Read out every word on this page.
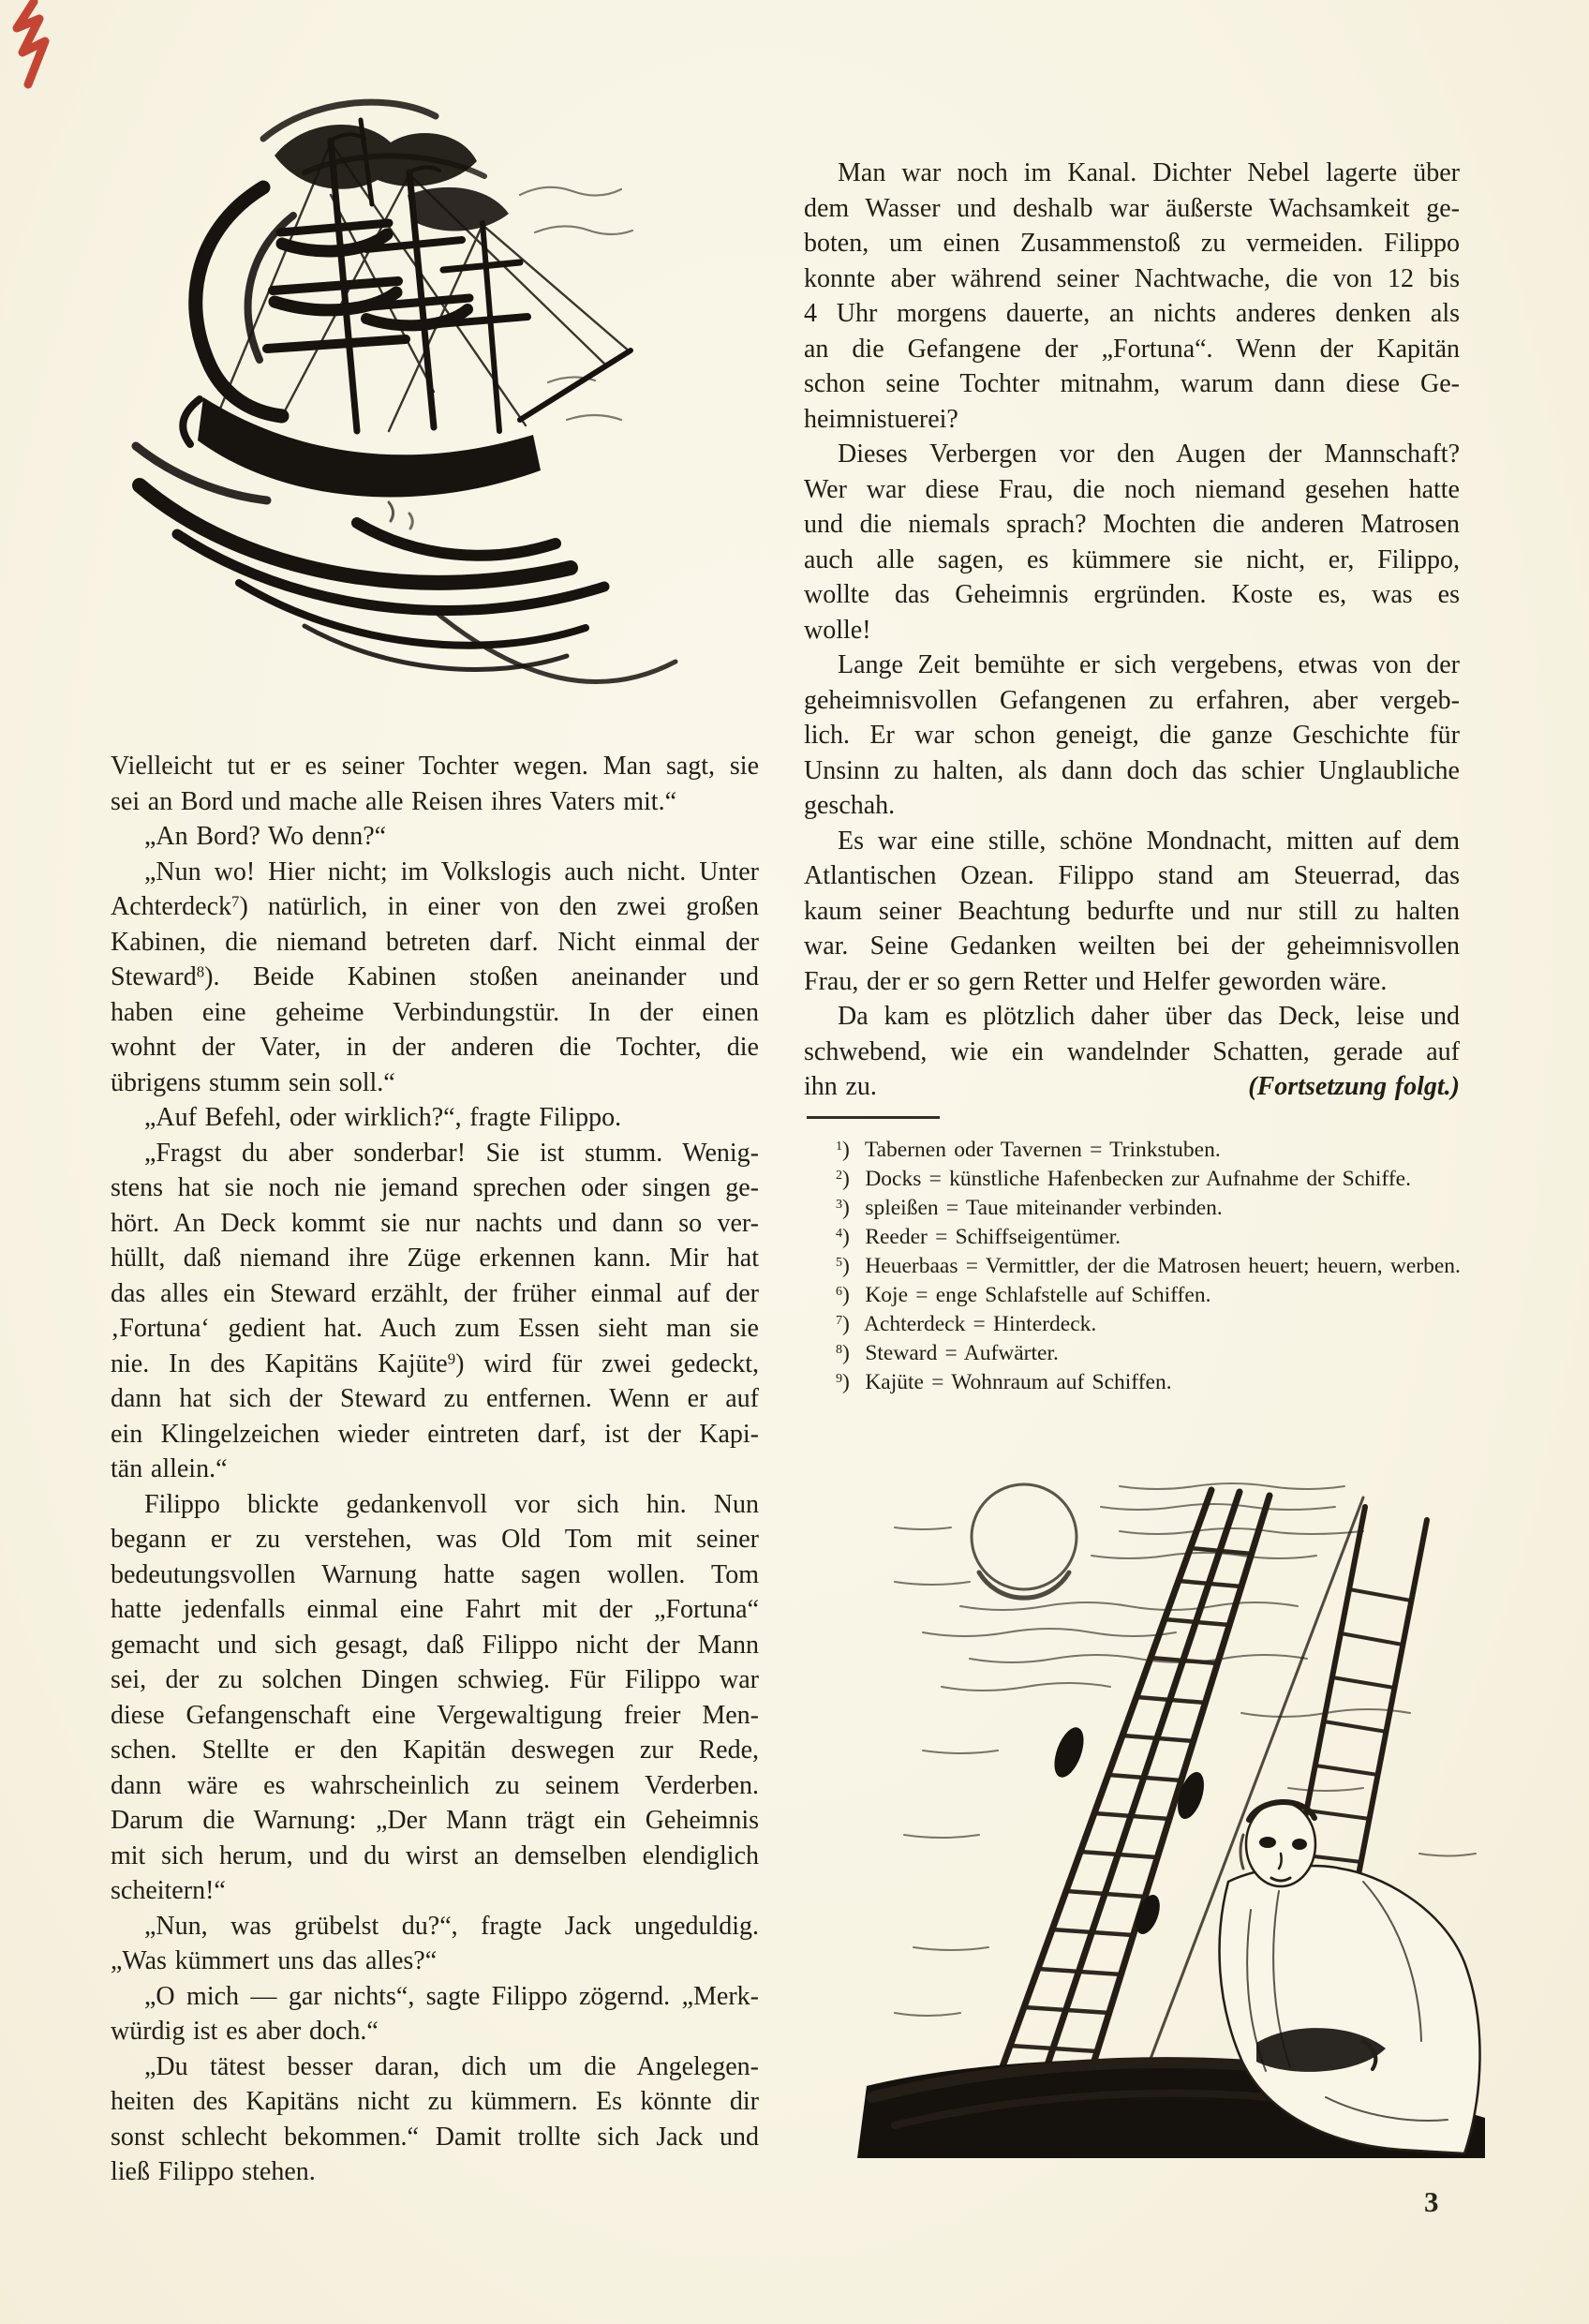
Vielleicht tut er es seiner Tochter wegen. Man sagt, sie
sei an Bord und mache alle Reisen ihres Vaters mit.“
„An Bord? Wo denn?“
„Nun wo! Hier nicht; im Volkslogis auch nicht. Unter
Achterdeck$^7$) natürlich, in einer von den zwei großen
Kabinen, die niemand betreten darf. Nicht einmal der
Steward$^8$). Beide Kabinen stoßen aneinander und
haben eine geheime Verbindungstür. In der einen
wohnt der Vater, in der anderen die Tochter, die
übrigens stumm sein soll.“
„Auf Befehl, oder wirklich?“, fragte Filippo.
„Fragst du aber sonderbar! Sie ist stumm. Wenig-
stens hat sie noch nie jemand sprechen oder singen ge-
hört. An Deck kommt sie nur nachts und dann so ver-
hüllt, daß niemand ihre Züge erkennen kann. Mir hat
das alles ein Steward erzählt, der früher einmal auf der
‚Fortuna‘ gedient hat. Auch zum Essen sieht man sie
nie. In des Kapitäns Kajüte$^9$) wird für zwei gedeckt,
dann hat sich der Steward zu entfernen. Wenn er auf
ein Klingelzeichen wieder eintreten darf, ist der Kapi-
tän allein.“
Filippo blickte gedankenvoll vor sich hin. Nun
begann er zu verstehen, was Old Tom mit seiner
bedeutungsvollen Warnung hatte sagen wollen. Tom
hatte jedenfalls einmal eine Fahrt mit der „Fortuna“
gemacht und sich gesagt, daß Filippo nicht der Mann
sei, der zu solchen Dingen schwieg. Für Filippo war
diese Gefangenschaft eine Vergewaltigung freier Men-
schen. Stellte er den Kapitän deswegen zur Rede,
dann wäre es wahrscheinlich zu seinem Verderben.
Darum die Warnung: „Der Mann trägt ein Geheimnis
mit sich herum, und du wirst an demselben elendiglich
scheitern!“
„Nun, was grübelst du?“, fragte Jack ungeduldig.
„Was kümmert uns das alles?“
„O mich — gar nichts“, sagte Filippo zögernd. „Merk-
würdig ist es aber doch.“
„Du tätest besser daran, dich um die Angelegen-
heiten des Kapitäns nicht zu kümmern. Es könnte dir
sonst schlecht bekommen.“ Damit trollte sich Jack und
ließ Filippo stehen.
Man war noch im Kanal. Dichter Nebel lagerte über
dem Wasser und deshalb war äußerste Wachsamkeit ge-
boten, um einen Zusammenstoß zu vermeiden. Filippo
konnte aber während seiner Nachtwache, die von 12 bis
4 Uhr morgens dauerte, an nichts anderes denken als
an die Gefangene der „Fortuna“. Wenn der Kapitän
schon seine Tochter mitnahm, warum dann diese Ge-
heimnistuerei?
Dieses Verbergen vor den Augen der Mannschaft?
Wer war diese Frau, die noch niemand gesehen hatte
und die niemals sprach? Mochten die anderen Matrosen
auch alle sagen, es kümmere sie nicht, er, Filippo,
wollte das Geheimnis ergründen. Koste es, was es
wolle!
Lange Zeit bemühte er sich vergebens, etwas von der
geheimnisvollen Gefangenen zu erfahren, aber vergeb-
lich. Er war schon geneigt, die ganze Geschichte für
Unsinn zu halten, als dann doch das schier Unglaubliche
geschah.
Es war eine stille, schöne Mondnacht, mitten auf dem
Atlantischen Ozean. Filippo stand am Steuerrad, das
kaum seiner Beachtung bedurfte und nur still zu halten
war. Seine Gedanken weilten bei der geheimnisvollen
Frau, der er so gern Retter und Helfer geworden wäre.
Da kam es plötzlich daher über das Deck, leise und
schwebend, wie ein wandelnder Schatten, gerade auf
ihn zu.	(Fortsetzung folgt.)
$^1$)  Tabernen oder Tavernen = Trinkstuben.
$^2$)  Docks = künstliche Hafenbecken zur Aufnahme der Schiffe.
$^3$)  spleißen = Taue miteinander verbinden.
$^4$)  Reeder = Schiffseigentümer.
$^5$)  Heuerbaas = Vermittler, der die Matrosen heuert; heuern, werben.
$^6$)  Koje = enge Schlafstelle auf Schiffen.
$^7$)  Achterdeck = Hinterdeck.
$^8$)  Steward = Aufwärter.
$^9$)  Kajüte = Wohnraum auf Schiffen.
3
